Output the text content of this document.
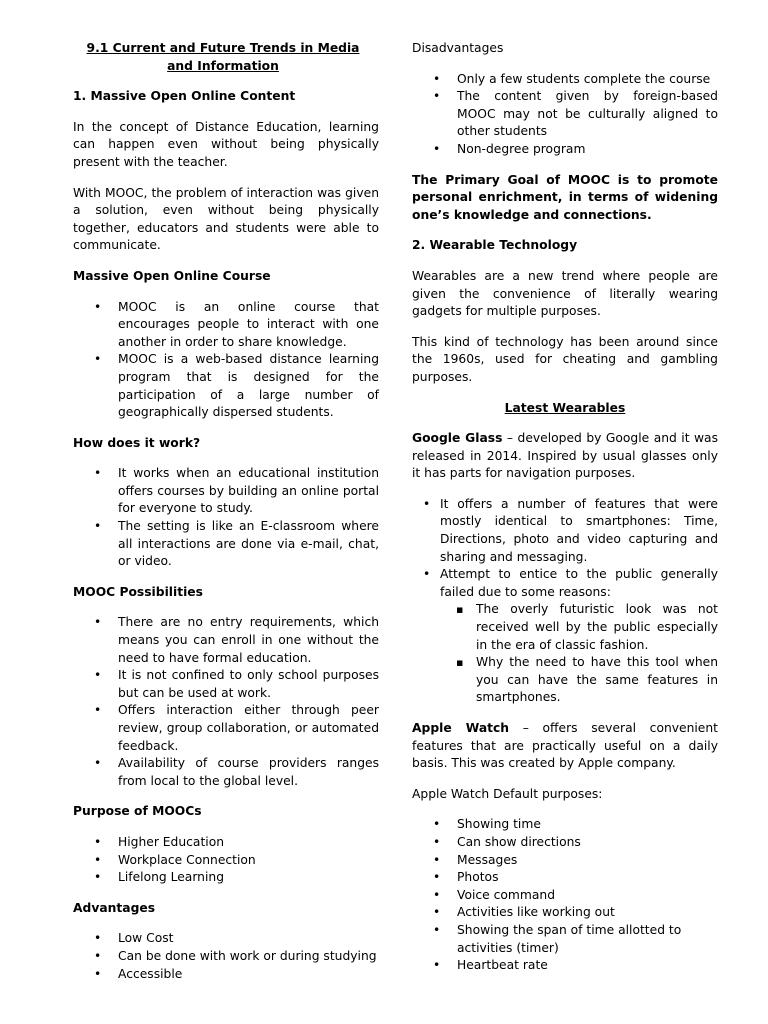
9.1 Current and Future Trends in Media and Information

1. Massive Open Online Content

In the concept of Distance Education, learning can happen even without being physically present with the teacher.

With MOOC, the problem of interaction was given a solution, even without being physically together, educators and students were able to communicate.

Massive Open Online Course

• MOOC is an online course that encourages people to interact with one another in order to share knowledge.
• MOOC is a web-based distance learning program that is designed for the participation of a large number of geographically dispersed students.

How does it work?

• It works when an educational institution offers courses by building an online portal for everyone to study.
• The setting is like an E-classroom where all interactions are done via e-mail, chat, or video.

MOOC Possibilities

• There are no entry requirements, which means you can enroll in one without the need to have formal education.
• It is not confined to only school purposes but can be used at work.
• Offers interaction either through peer review, group collaboration, or automated feedback.
• Availability of course providers ranges from local to the global level.

Purpose of MOOCs

• Higher Education
• Workplace Connection
• Lifelong Learning

Advantages

• Low Cost
• Can be done with work or during studying
• Accessible

Disadvantages

• Only a few students complete the course
• The content given by foreign-based MOOC may not be culturally aligned to other students
• Non-degree program

The Primary Goal of MOOC is to promote personal enrichment, in terms of widening one’s knowledge and connections.

2. Wearable Technology

Wearables are a new trend where people are given the convenience of literally wearing gadgets for multiple purposes.

This kind of technology has been around since the 1960s, used for cheating and gambling purposes.

Latest Wearables

Google Glass – developed by Google and it was released in 2014. Inspired by usual glasses only it has parts for navigation purposes.

• It offers a number of features that were mostly identical to smartphones: Time, Directions, photo and video capturing and sharing and messaging.
• Attempt to entice to the public generally failed due to some reasons:
▪ The overly futuristic look was not received well by the public especially in the era of classic fashion.
▪ Why the need to have this tool when you can have the same features in smartphones.

Apple Watch – offers several convenient features that are practically useful on a daily basis. This was created by Apple company.

Apple Watch Default purposes:

• Showing time
• Can show directions
• Messages
• Photos
• Voice command
• Activities like working out
• Showing the span of time allotted to activities (timer)
• Heartbeat rate
